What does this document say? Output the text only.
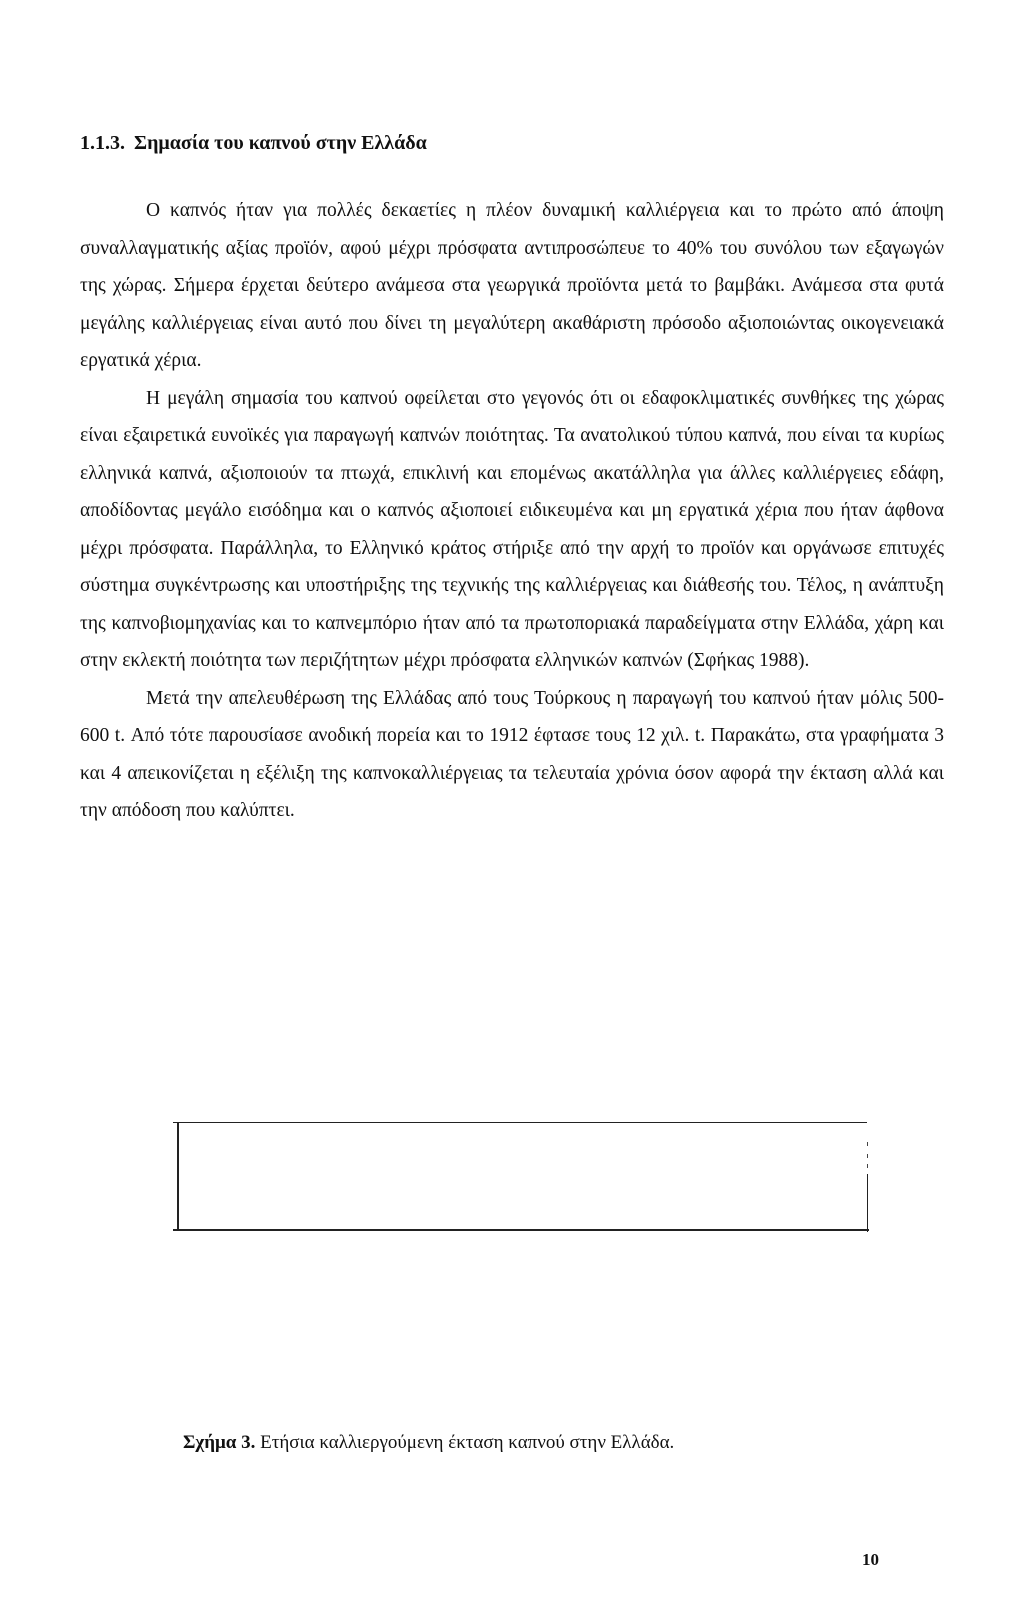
1.1.3. Σημασία του καπνού στην Ελλάδα

Ο καπνός ήταν για πολλές δεκαετίες η πλέον δυναμική καλλιέργεια και το πρώτο από άποψη συναλλαγματικής αξίας προϊόν, αφού μέχρι πρόσφατα αντιπροσώπευε το 40% του συνόλου των εξαγωγών της χώρας. Σήμερα έρχεται δεύτερο ανάμεσα στα γεωργικά προϊόντα μετά το βαμβάκι. Ανάμεσα στα φυτά μεγάλης καλλιέργειας είναι αυτό που δίνει τη μεγαλύτερη ακαθάριστη πρόσοδο αξιοποιώντας οικογενειακά εργατικά χέρια.

Η μεγάλη σημασία του καπνού οφείλεται στο γεγονός ότι οι εδαφοκλιματικές συνθήκες της χώρας είναι εξαιρετικά ευνοϊκές για παραγωγή καπνών ποιότητας. Τα ανατολικού τύπου καπνά, που είναι τα κυρίως ελληνικά καπνά, αξιοποιούν τα πτωχά, επικλινή και επομένως ακατάλληλα για άλλες καλλιέργειες εδάφη, αποδίδοντας μεγάλο εισόδημα και ο καπνός αξιοποιεί ειδικευμένα και μη εργατικά χέρια που ήταν άφθονα μέχρι πρόσφατα. Παράλληλα, το Ελληνικό κράτος στήριξε από την αρχή το προϊόν και οργάνωσε επιτυχές σύστημα συγκέντρωσης και υποστήριξης της τεχνικής της καλλιέργειας και διάθεσής του. Τέλος, η ανάπτυξη της καπνοβιομηχανίας και το καπνεμπόριο ήταν από τα πρωτοποριακά παραδείγματα στην Ελλάδα, χάρη και στην εκλεκτή ποιότητα των περιζήτητων μέχρι πρόσφατα ελληνικών καπνών (Σφήκας 1988).

Μετά την απελευθέρωση της Ελλάδας από τους Τούρκους η παραγωγή του καπνού ήταν μόλις 500-600 t. Από τότε παρουσίασε ανοδική πορεία και το 1912 έφτασε τους 12 χιλ. t. Παρακάτω, στα γραφήματα 3 και 4 απεικονίζεται η εξέλιξη της καπνοκαλλιέργειας τα τελευταία χρόνια όσον αφορά την έκταση αλλά και την απόδοση που καλύπτει.

Σχήμα 3. Ετήσια καλλιεργούμενη έκταση καπνού στην Ελλάδα.

10
